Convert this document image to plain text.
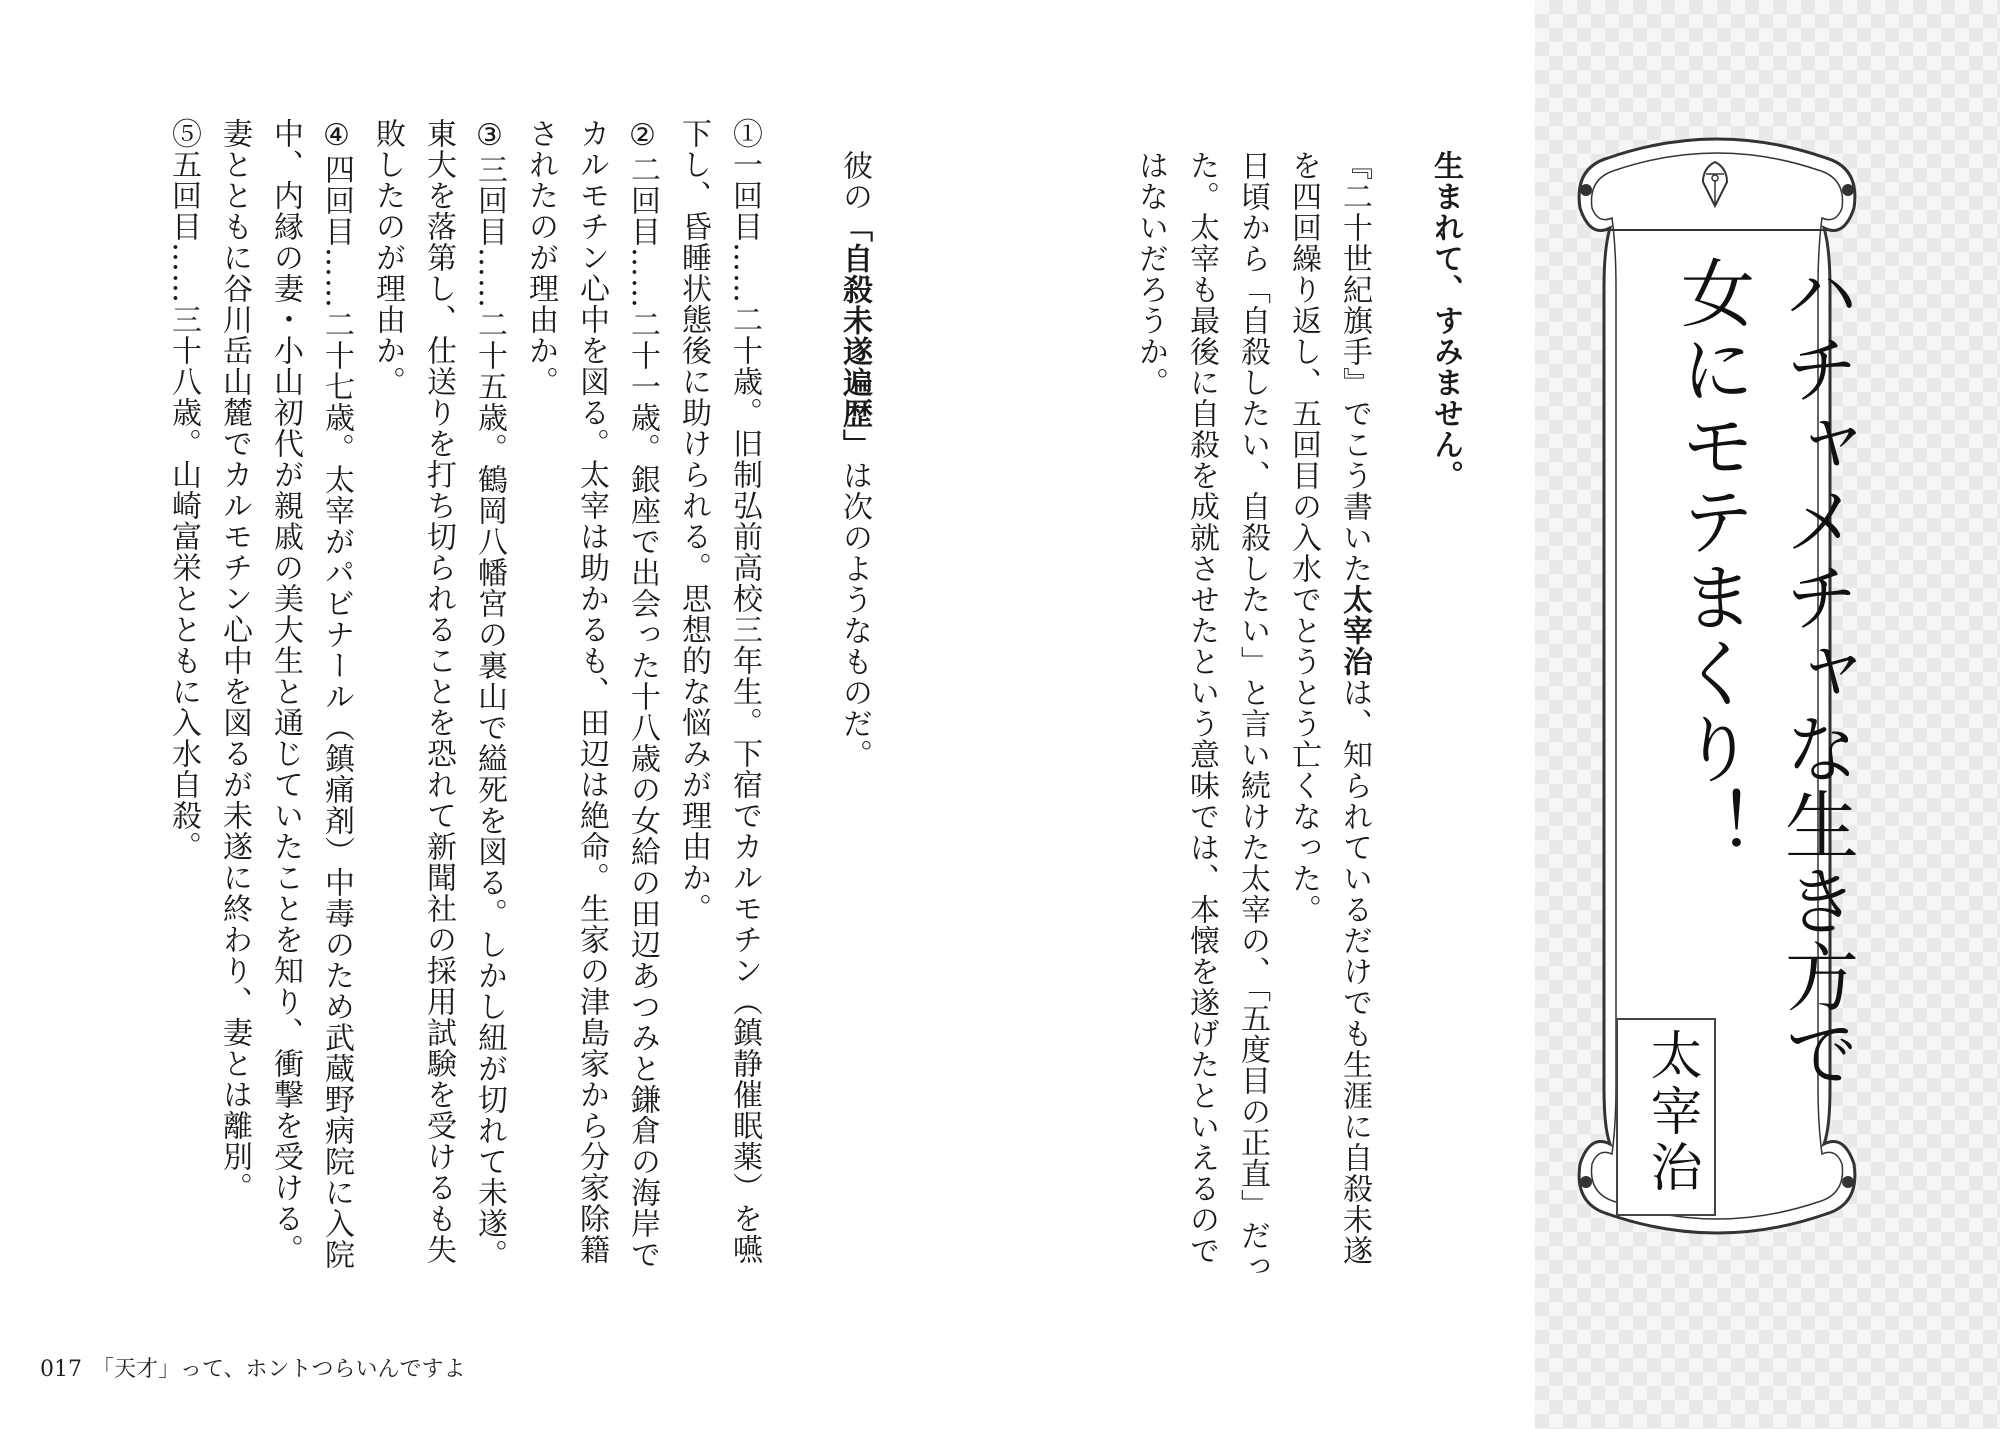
ハチャメチャな生き方で
女にモテまくり！
太宰治
生まれて、すみません。
『二十世紀旗手』でこう書いた太宰治は、知られているだけでも生涯に自殺未遂を四回繰り返し、五回目の入水でとうとう亡くなった。
日頃から「自殺したい、自殺したい」と言い続けた太宰の、「五度目の正直」だった。太宰も最後に自殺を成就させたという意味では、本懐を遂げたといえるのではないだろうか。
彼の「自殺未遂遍歴」は次のようなものだ。
①一回目……二十歳。旧制弘前高校三年生。下宿でカルモチン（鎮静催眠薬）を嚥下し、昏睡状態後に助けられる。思想的な悩みが理由か。
②二回目……二十一歳。銀座で出会った十八歳の女給の田辺あつみと鎌倉の海岸でカルモチン心中を図る。太宰は助かるも、田辺は絶命。生家の津島家から分家除籍されたのが理由か。
③三回目……二十五歳。鶴岡八幡宮の裏山で縊死を図る。しかし紐が切れて未遂。東大を落第し、仕送りを打ち切られることを恐れて新聞社の採用試験を受けるも失敗したのが理由か。
④四回目……二十七歳。太宰がパビナール（鎮痛剤）中毒のため武蔵野病院に入院中、内縁の妻・小山初代が親戚の美大生と通じていたことを知り、衝撃を受ける。妻とともに谷川岳山麓でカルモチン心中を図るが未遂に終わり、妻とは離別。
⑤五回目……三十八歳。山崎富栄とともに入水自殺。
017 「天才」って、ホントつらいんですよ
